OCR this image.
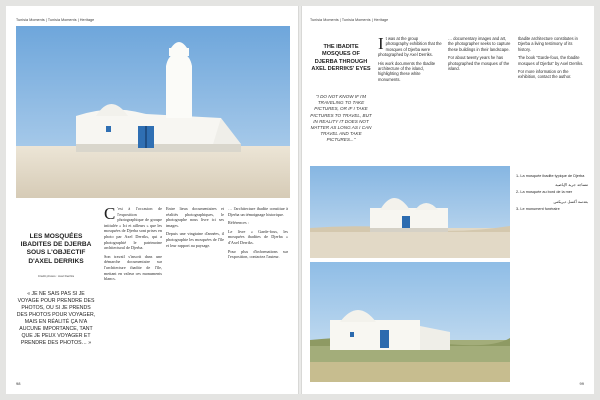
Tunisia Moments | Tunisia Moments | Heritage
LES MOSQUÉES IBADITES DE DJERBA SOUS L'OBJECTIF D'AXEL DERRIKS
Crédit photos : Axel Derriks
« JE NE SAIS PAS SI JE VOYAGE POUR PRENDRE DES PHOTOS, OU SI JE PRENDS DES PHOTOS POUR VOYAGER, MAIS EN RÉALITÉ ÇA N'A AUCUNE IMPORTANCE, TANT QUE JE PEUX VOYAGER ET PRENDRE DES PHOTOS… »

C 'est à l'occasion de l'exposition photographique de groupe intitulée « Ici et ailleurs » que les mosquées de Djerba sont prises en photo par Axel Derriks, qui a photographié le patrimoine architectural de Djerba.

Son travail s'inscrit dans une démarche documentaire sur l'architecture ibadite de l'île, mettant en valeur ces monuments blancs.

Entre lieux documentaires et réalités photographiques, le photographe nous livre ici ses images.

Depuis une vingtaine d'années, il photographie les mosquées de l'île et leur rapport au paysage.

… l'architecture ibadite constitue à Djerba un témoignage historique.

Références :

Le livre « Garde-fous, les mosquées ibadites de Djerba » d'Axel Derriks.

Pour plus d'informations sur l'exposition, contactez l'auteur.

98
Tunisia Moments | Tunisia Moments | Heritage
THE IBADITE MOSQUES OF DJERBA THROUGH AXEL DERRIKS' EYES
"I DO NOT KNOW IF I'M TRAVELING TO TAKE PICTURES, OR IF I TAKE PICTURES TO TRAVEL, BUT IN REALITY IT DOES NOT MATTER AS LONG AS I CAN TRAVEL AND TAKE PICTURES..."

It was at the group photography exhibition that the mosques of Djerba were photographed by Axel Derriks.

His work documents the Ibadite architecture of the island, highlighting these white monuments.

… documentary images and art, the photographer seeks to capture these buildings in their landscape.

For about twenty years he has photographed the mosques of the island.

Ibadite architecture constitutes in Djerba a living testimony of its history.

The book "Garde-fous, the Ibadite mosques of Djerba" by Axel Derriks.

For more information on the exhibition, contact the author.

1- La mosquée ibadite typique de Djerba

مساجد جربة الإباضية

2- La mosquée au bord de la mer

بعدسة أكسل ديريكس

3- Le monument funéraire

99
